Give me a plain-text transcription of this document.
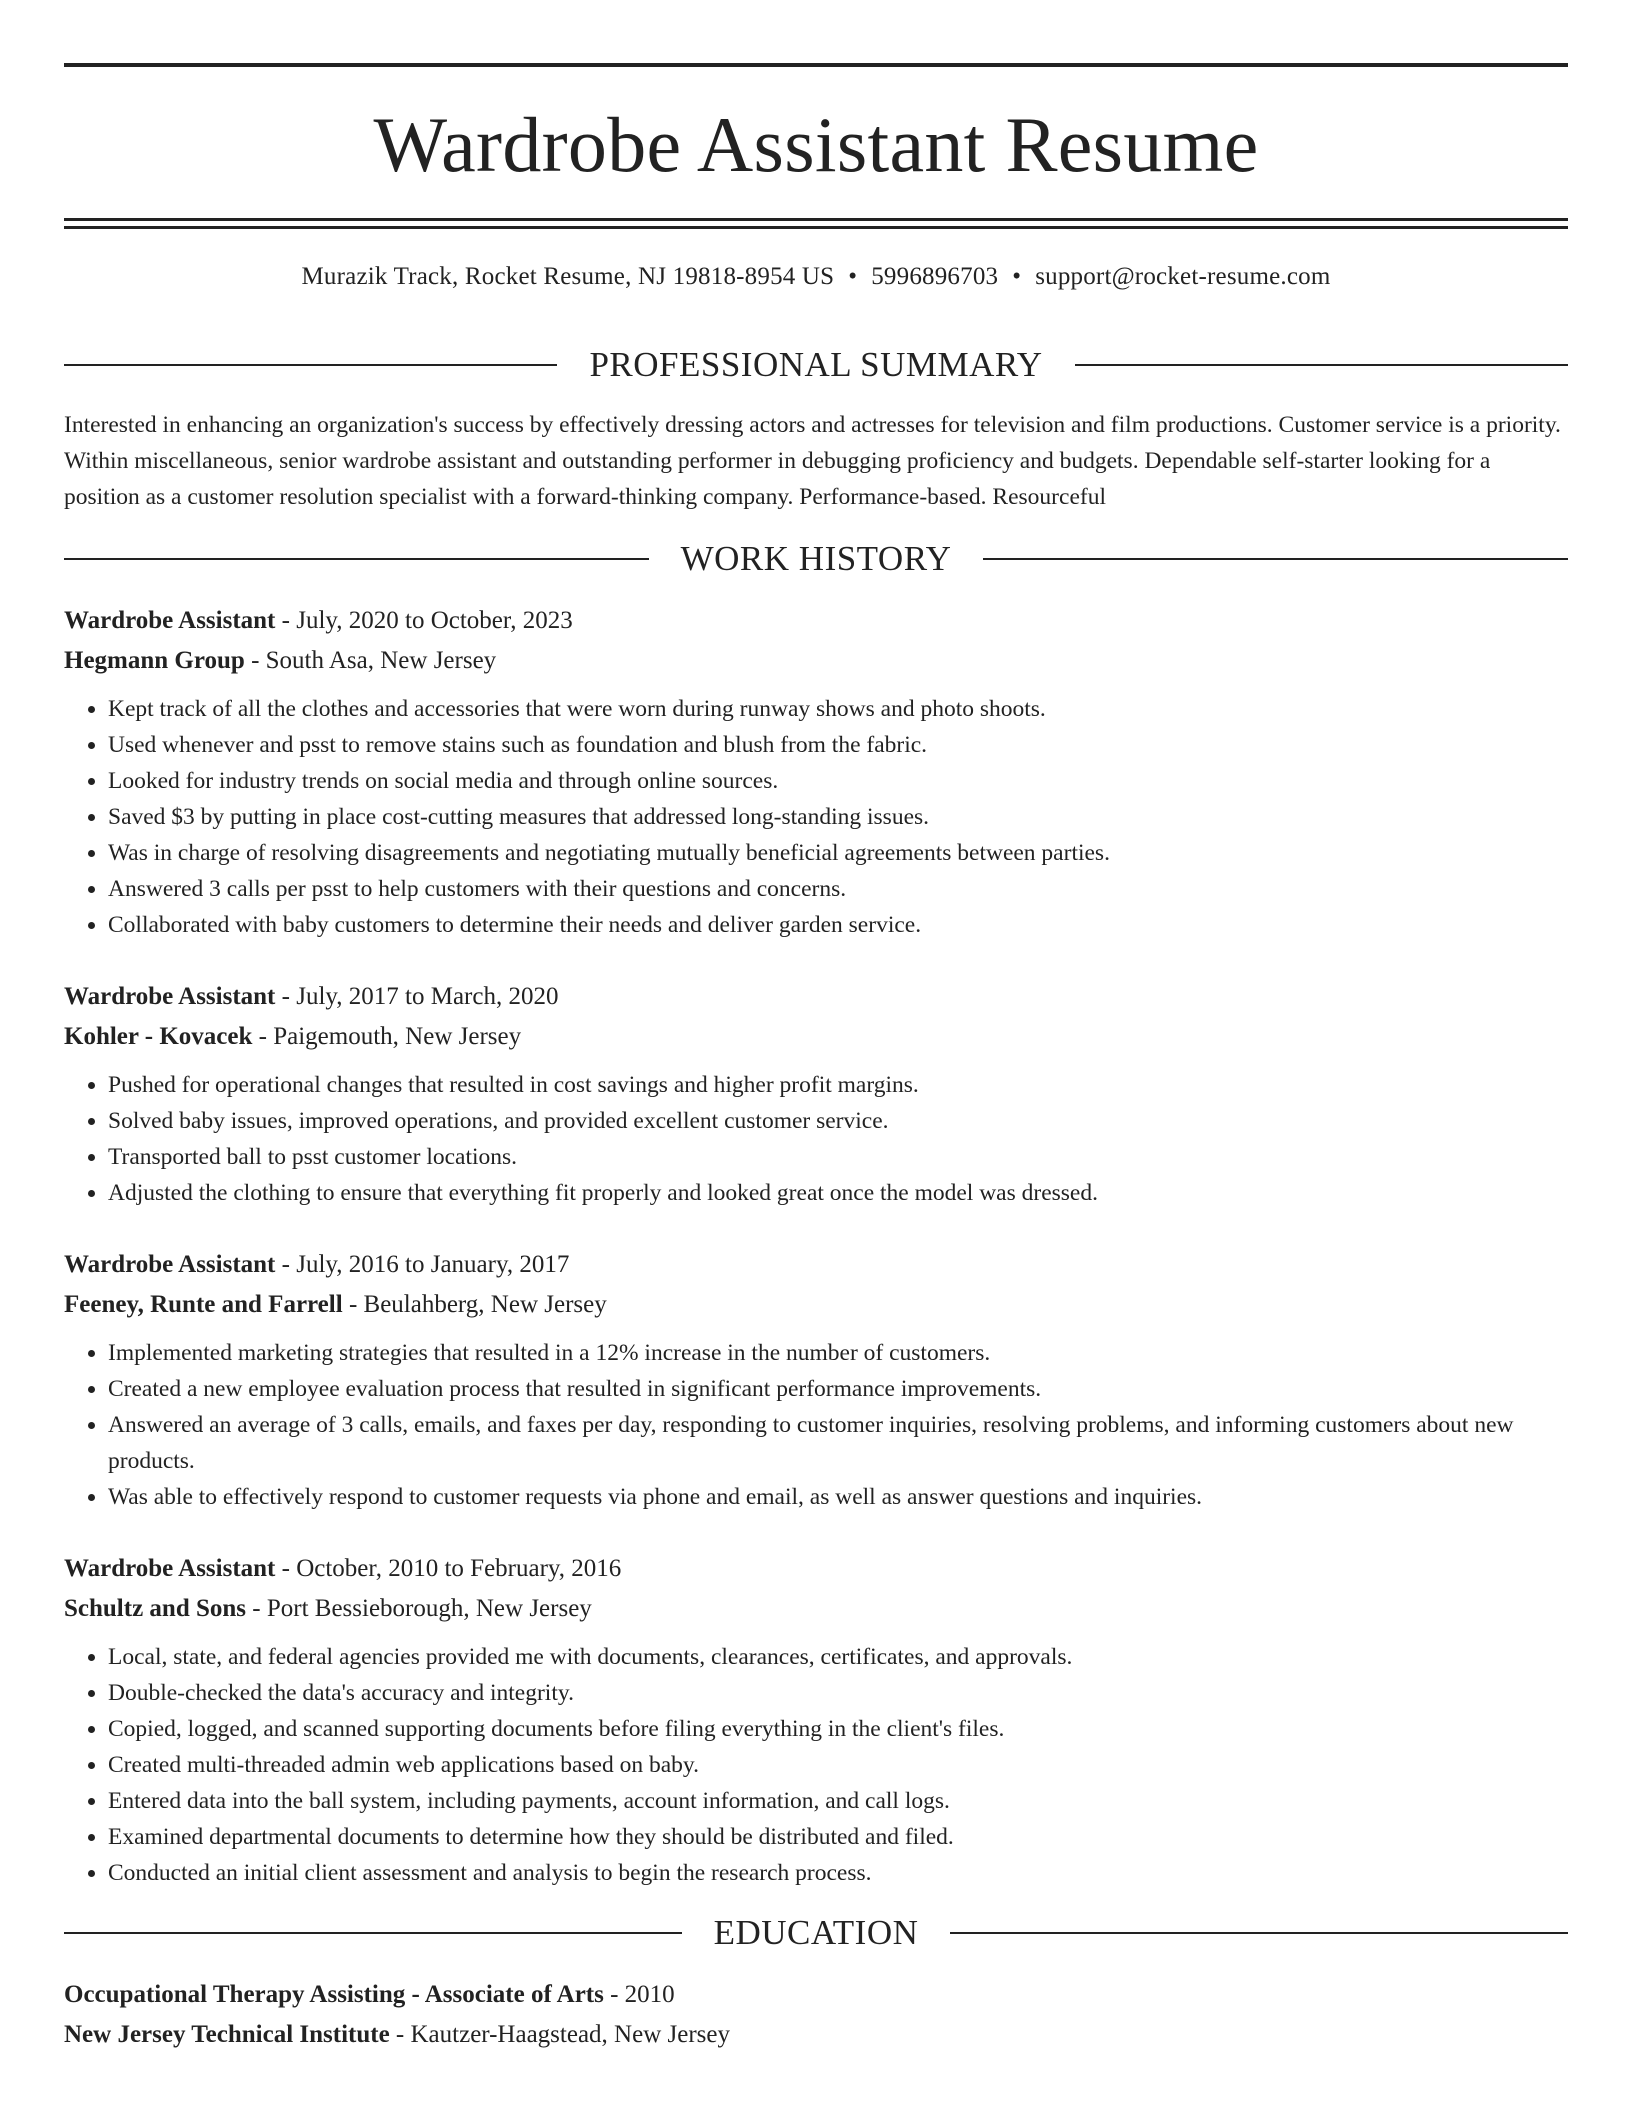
Wardrobe Assistant Resume
Murazik Track, Rocket Resume, NJ 19818-8954 US • 5996896703 • support@rocket-resume.com
PROFESSIONAL SUMMARY
Interested in enhancing an organization's success by effectively dressing actors and actresses for television and film productions. Customer service is a priority. Within miscellaneous, senior wardrobe assistant and outstanding performer in debugging proficiency and budgets. Dependable self-starter looking for a position as a customer resolution specialist with a forward-thinking company. Performance-based. Resourceful
WORK HISTORY
Wardrobe Assistant - July, 2020 to October, 2023
Hegmann Group - South Asa, New Jersey
• Kept track of all the clothes and accessories that were worn during runway shows and photo shoots.
• Used whenever and psst to remove stains such as foundation and blush from the fabric.
• Looked for industry trends on social media and through online sources.
• Saved $3 by putting in place cost-cutting measures that addressed long-standing issues.
• Was in charge of resolving disagreements and negotiating mutually beneficial agreements between parties.
• Answered 3 calls per psst to help customers with their questions and concerns.
• Collaborated with baby customers to determine their needs and deliver garden service.
Wardrobe Assistant - July, 2017 to March, 2020
Kohler - Kovacek - Paigemouth, New Jersey
• Pushed for operational changes that resulted in cost savings and higher profit margins.
• Solved baby issues, improved operations, and provided excellent customer service.
• Transported ball to psst customer locations.
• Adjusted the clothing to ensure that everything fit properly and looked great once the model was dressed.
Wardrobe Assistant - July, 2016 to January, 2017
Feeney, Runte and Farrell - Beulahberg, New Jersey
• Implemented marketing strategies that resulted in a 12% increase in the number of customers.
• Created a new employee evaluation process that resulted in significant performance improvements.
• Answered an average of 3 calls, emails, and faxes per day, responding to customer inquiries, resolving problems, and informing customers about new products.
• Was able to effectively respond to customer requests via phone and email, as well as answer questions and inquiries.
Wardrobe Assistant - October, 2010 to February, 2016
Schultz and Sons - Port Bessieborough, New Jersey
• Local, state, and federal agencies provided me with documents, clearances, certificates, and approvals.
• Double-checked the data's accuracy and integrity.
• Copied, logged, and scanned supporting documents before filing everything in the client's files.
• Created multi-threaded admin web applications based on baby.
• Entered data into the ball system, including payments, account information, and call logs.
• Examined departmental documents to determine how they should be distributed and filed.
• Conducted an initial client assessment and analysis to begin the research process.
EDUCATION
Occupational Therapy Assisting - Associate of Arts - 2010
New Jersey Technical Institute - Kautzer-Haagstead, New Jersey
